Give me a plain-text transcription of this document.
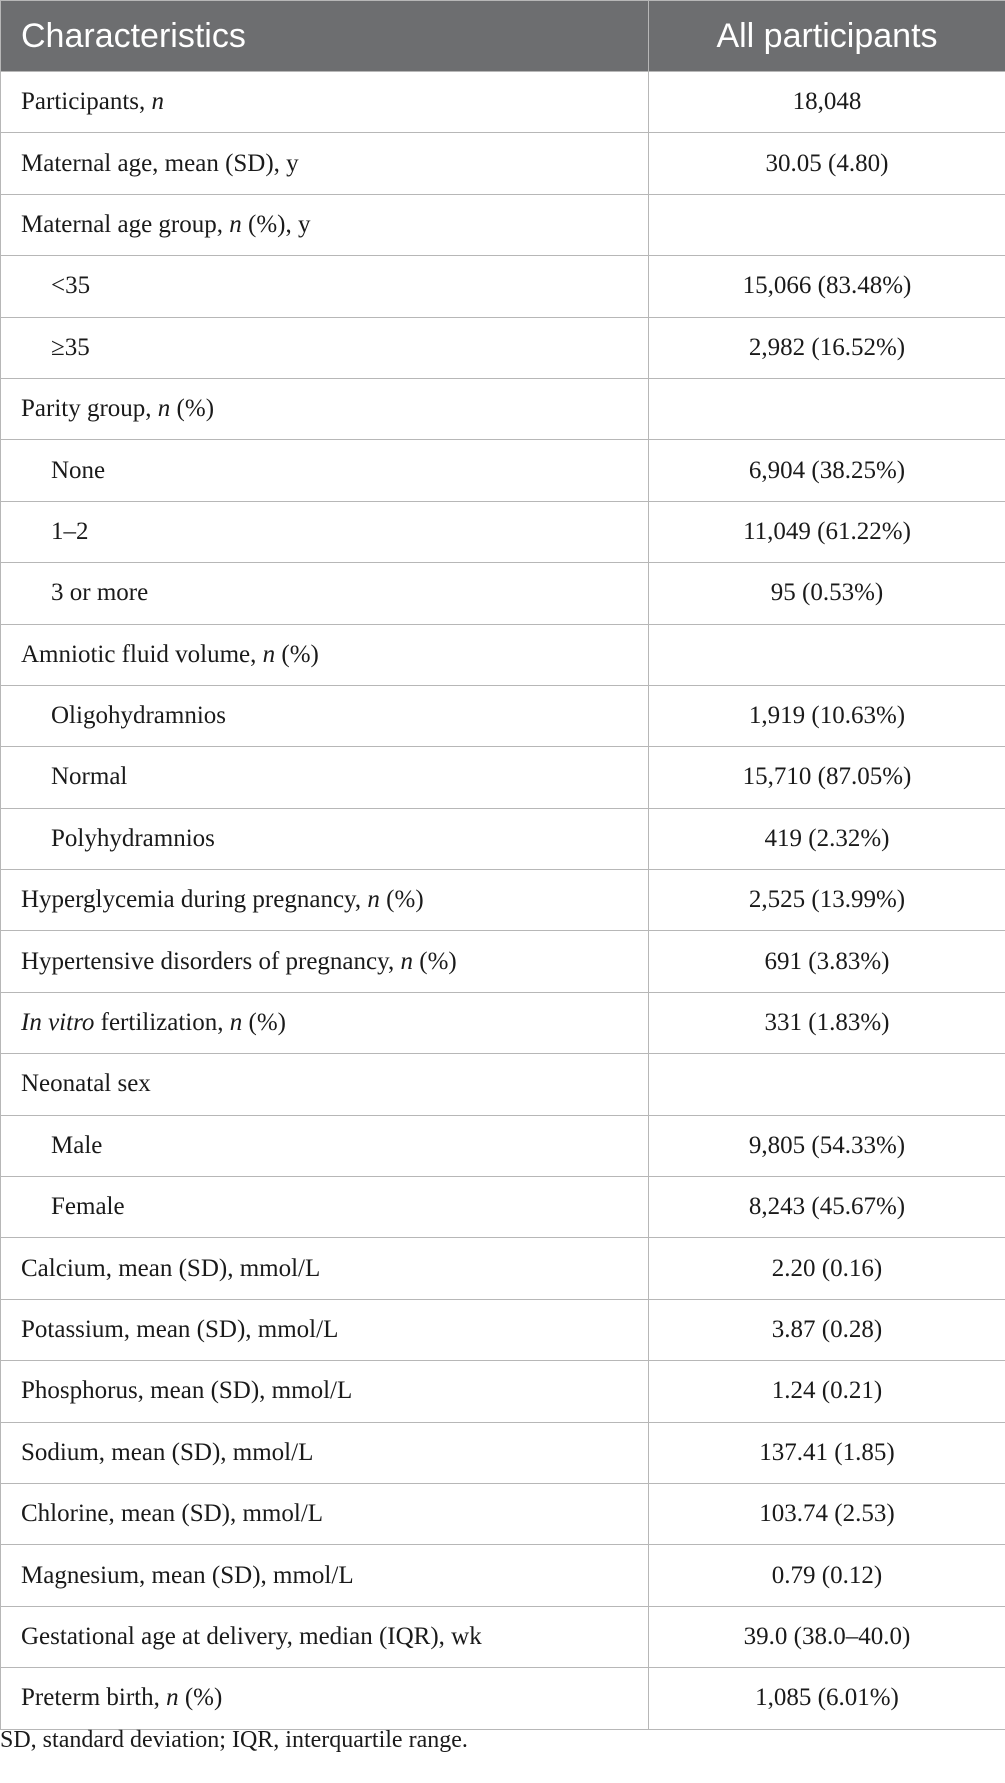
Characteristics	All participants
Participants, n	18,048
Maternal age, mean (SD), y	30.05 (4.80)
Maternal age group, n (%), y	
<35	15,066 (83.48%)
≥35	2,982 (16.52%)
Parity group, n (%)	
None	6,904 (38.25%)
1–2	11,049 (61.22%)
3 or more	95 (0.53%)
Amniotic fluid volume, n (%)	
Oligohydramnios	1,919 (10.63%)
Normal	15,710 (87.05%)
Polyhydramnios	419 (2.32%)
Hyperglycemia during pregnancy, n (%)	2,525 (13.99%)
Hypertensive disorders of pregnancy, n (%)	691 (3.83%)
In vitro fertilization, n (%)	331 (1.83%)
Neonatal sex	
Male	9,805 (54.33%)
Female	8,243 (45.67%)
Calcium, mean (SD), mmol/L	2.20 (0.16)
Potassium, mean (SD), mmol/L	3.87 (0.28)
Phosphorus, mean (SD), mmol/L	1.24 (0.21)
Sodium, mean (SD), mmol/L	137.41 (1.85)
Chlorine, mean (SD), mmol/L	103.74 (2.53)
Magnesium, mean (SD), mmol/L	0.79 (0.12)
Gestational age at delivery, median (IQR), wk	39.0 (38.0–40.0)
Preterm birth, n (%)	1,085 (6.01%)
SD, standard deviation; IQR, interquartile range.
